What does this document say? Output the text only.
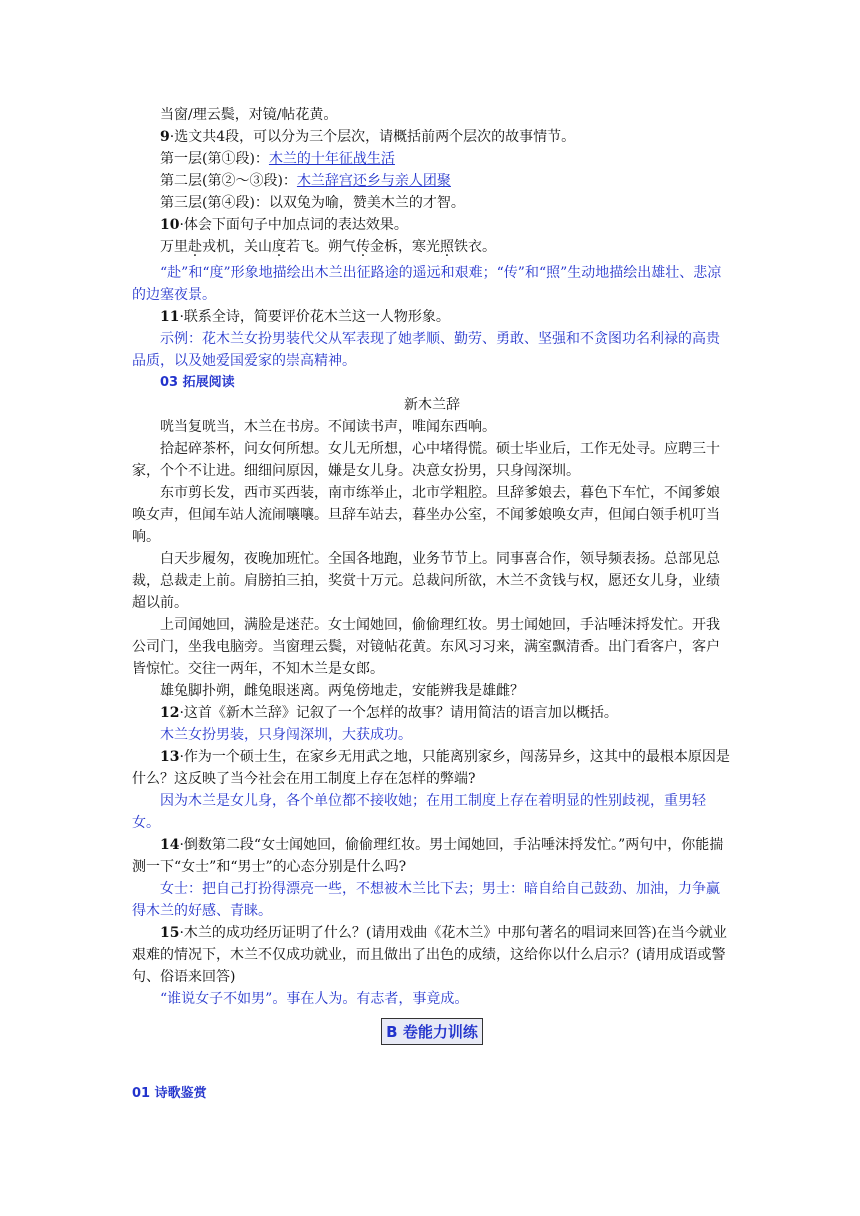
当窗/理云鬓，对镜/帖花黄。
9·选文共4段，可以分为三个层次，请概括前两个层次的故事情节。
第一层(第①段)：木兰的十年征战生活
第二层(第②～③段)：木兰辞宫还乡与亲人团聚
第三层(第④段)：以双兔为喻，赞美木兰的才智。
10·体会下面句子中加点词的表达效果。
万里赴戎机，关山度若飞。朔气传金柝，寒光照铁衣。
“赴”和“度”形象地描绘出木兰出征路途的遥远和艰难；“传”和“照”生动地描绘出雄壮、悲凉的边塞夜景。
11·联系全诗，简要评价花木兰这一人物形象。
示例：花木兰女扮男装代父从军表现了她孝顺、勤劳、勇敢、坚强和不贪图功名利禄的高贵品质，以及她爱国爱家的崇高精神。
03 拓展阅读
新木兰辞
咣当复咣当，木兰在书房。不闻读书声，唯闻东西响。
拾起碎茶杯，问女何所想。女儿无所想，心中堵得慌。硕士毕业后，工作无处寻。应聘三十家，个个不让进。细细问原因，嫌是女儿身。决意女扮男，只身闯深圳。
东市剪长发，西市买西装，南市练举止，北市学粗腔。旦辞爹娘去，暮色下车忙，不闻爹娘唤女声，但闻车站人流闹嚷嚷。旦辞车站去，暮坐办公室，不闻爹娘唤女声，但闻白领手机叮当响。
白天步履匆，夜晚加班忙。全国各地跑，业务节节上。同事喜合作，领导频表扬。总部见总裁，总裁走上前。肩膀拍三拍，奖赏十万元。总裁问所欲，木兰不贪钱与权，愿还女儿身，业绩超以前。
上司闻她回，满脸是迷茫。女士闻她回，偷偷理红妆。男士闻她回，手沾唾沫捋发忙。开我公司门，坐我电脑旁。当窗理云鬓，对镜帖花黄。东风习习来，满室飘清香。出门看客户，客户皆惊忙。交往一两年，不知木兰是女郎。
雄兔脚扑朔，雌兔眼迷离。两兔傍地走，安能辨我是雄雌？
12·这首《新木兰辞》记叙了一个怎样的故事？请用简洁的语言加以概括。
木兰女扮男装，只身闯深圳，大获成功。
13·作为一个硕士生，在家乡无用武之地，只能离别家乡，闯荡异乡，这其中的最根本原因是什么？这反映了当今社会在用工制度上存在怎样的弊端?
因为木兰是女儿身，各个单位都不接收她；在用工制度上存在着明显的性别歧视，重男轻女。
14·倒数第二段“女士闻她回，偷偷理红妆。男士闻她回，手沾唾沫捋发忙。”两句中，你能揣测一下“女士”和“男士”的心态分别是什么吗?
女士：把自己打扮得漂亮一些，不想被木兰比下去；男士：暗自给自己鼓劲、加油，力争赢得木兰的好感、青睐。
15·木兰的成功经历证明了什么？(请用戏曲《花木兰》中那句著名的唱词来回答)在当今就业艰难的情况下，木兰不仅成功就业，而且做出了出色的成绩，这给你以什么启示？(请用成语或警句、俗语来回答)
“谁说女子不如男”。事在人为。有志者，事竟成。
B 卷能力训练
01 诗歌鉴赏
